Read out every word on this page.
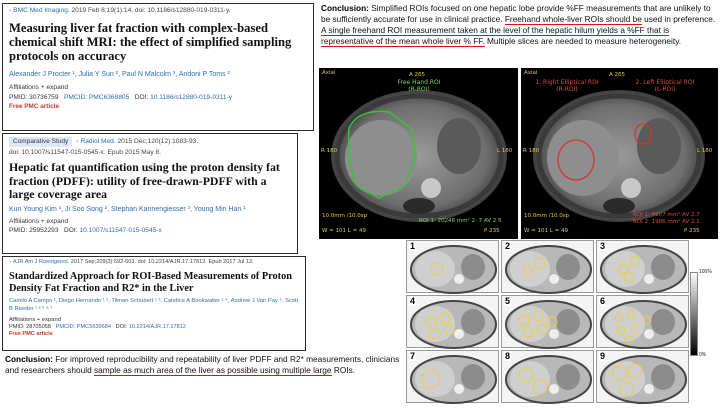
› BMC Med Imaging. 2019 Feb 8;19(1):14. doi: 10.1186/s12880-019-0311-y.
Measuring liver fat fraction with complex-based chemical shift MRI: the effect of simplified sampling protocols on accuracy
Alexander J Procter ¹, Julia Y Sun ², Paul N Malcolm ³, Andoni P Toms ²
Affiliations + expand
PMID: 30736759 PMCID: PMC6368805 DOI: 10.1186/s12880-019-0311-y
Free PMC article
Comparative Study › Radiol Med. 2015 Dec;120(12):1083-93.
doi: 10.1007/s11547-015-0545-x. Epub 2015 May 8.
Hepatic fat quantification using the proton density fat fraction (PDFF): utility of free-drawn-PDFF with a large coverage area
Kun Young Kim ¹, Ji Soo Song ², Stephan Kannengiesser ³, Young Min Han ¹
Affiliations + expand
PMID: 25952293 DOI: 10.1007/s11547-015-0545-x
› AJR Am J Roentgenol. 2017 Sep;209(3):592-603. doi: 10.2214/AJR.17.17812. Epub 2017 Jul 13.
Standardized Approach for ROI-Based Measurements of Proton Density Fat Fraction and R2* in the Liver
Camilo A Campo ¹, Diego Hernando ¹ ², Tilman Schubert ¹ ³, Candice A Bookwalter ¹ ⁴, Andrew J Van Pay ⁵, Scott B Reeder ¹ ² ⁵ ⁶ ⁷
Affiliations + expand
PMID: 28705058 PMCID: PMC5639684 DOI: 10.2214/AJR.17.17812
Free PMC article
Conclusion: Simplified ROIs focused on one hepatic lobe provide %FF measurements that are unlikely to be sufficiently accurate for use in clinical practice. Freehand whole-liver ROIs should be used in preference. A single freehand ROI measurement taken at the level of the hepatic hilum yields a %FF that is representative of the mean whole liver % FF. Multiple slices are needed to measure heterogeneity.
Axial	A 265
Free Hand ROI
(R-ROI)
R 180	L 180
10.0mm /10.0sp
ROI 1: 20246 mm² 2: 7 AV 2.5
W = 101 L = 49	P 235
Axial	A 265
1. Right Elliptical ROI
(R-ROI)
2. Left Elliptical ROI
(L-ROI)
R 180	L 180
10.0mm /10.0sp	ROI 1: 4907 mm² AV 2.7
ROI 2: 1986 mm² AV 2.1
W = 101 L = 49	P 235
1	2	3
4	5	6
7	8	9
100%
0%
Conclusion: For improved reproducibility and repeatability of liver PDFF and R2* measurements, clinicians and researchers should sample as much area of the liver as possible using multiple large ROIs.
